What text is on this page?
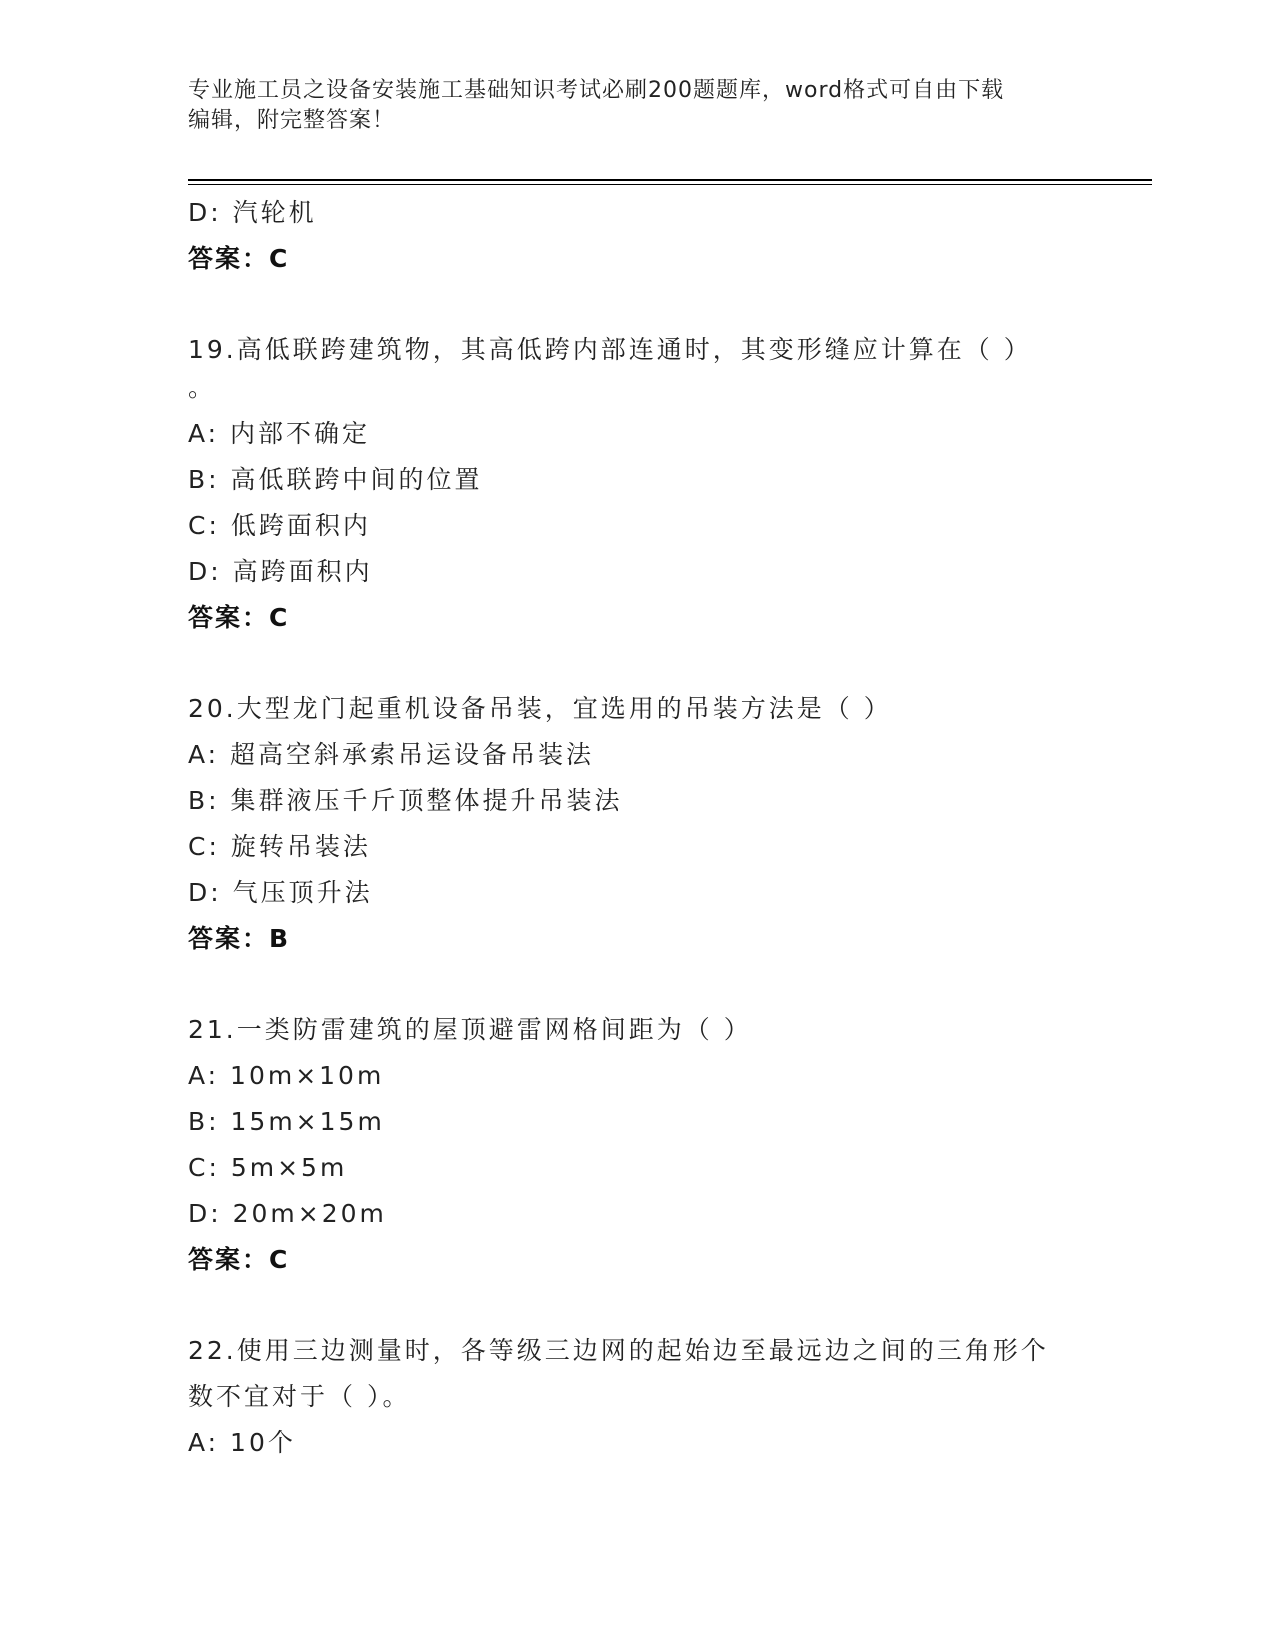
专业施工员之设备安装施工基础知识考试必刷200题题库，word格式可自由下载
编辑，附完整答案！
D: 汽轮机
答案：C
19.高低联跨建筑物，其高低跨内部连通时，其变形缝应计算在（ ）
。
A: 内部不确定
B: 高低联跨中间的位置
C: 低跨面积内
D: 高跨面积内
答案：C
20.大型龙门起重机设备吊装，宜选用的吊装方法是（ ）
A: 超高空斜承索吊运设备吊装法
B: 集群液压千斤顶整体提升吊装法
C: 旋转吊装法
D: 气压顶升法
答案：B
21.一类防雷建筑的屋顶避雷网格间距为（ ）
A: 10m×10m
B: 15m×15m
C: 5m×5m
D: 20m×20m
答案：C
22.使用三边测量时，各等级三边网的起始边至最远边之间的三角形个
数不宜对于（ ）。
A: 10个
